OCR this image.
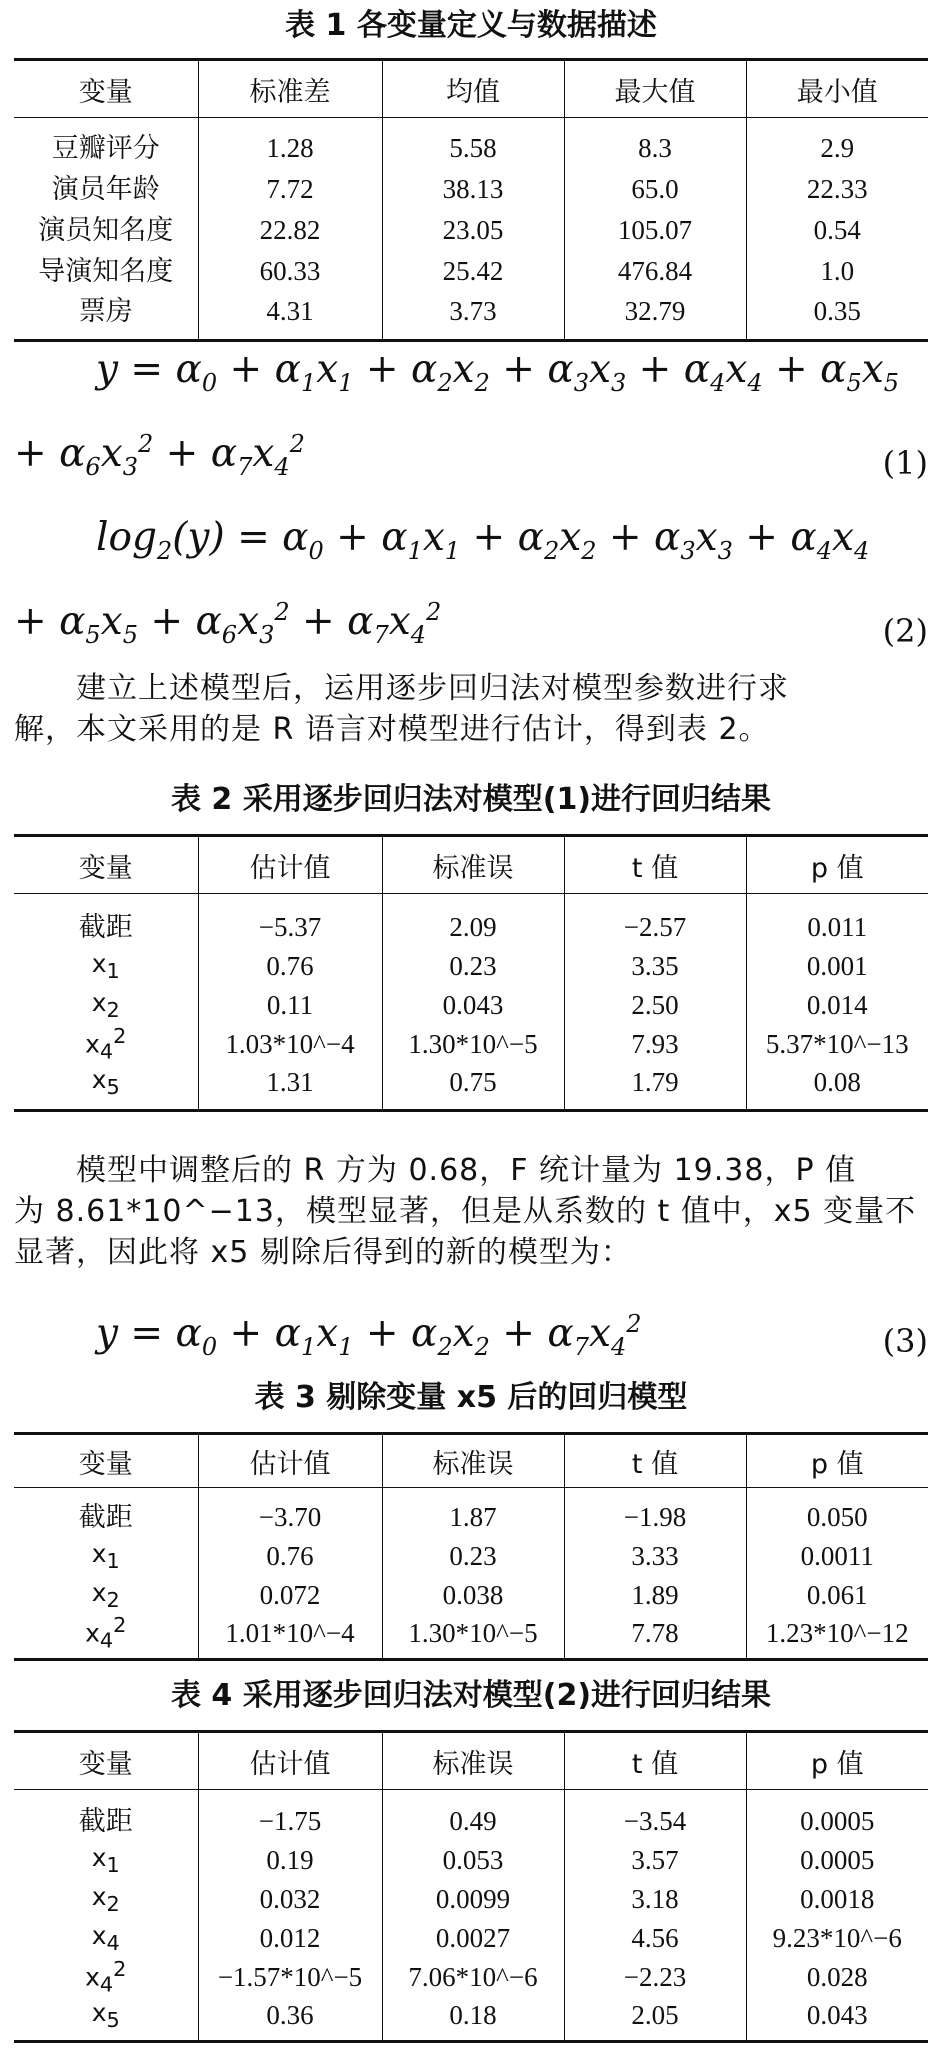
表 1 各变量定义与数据描述
变量	标准差	均值	最大值	最小值
豆瓣评分	1.28	5.58	8.3	2.9
演员年龄	7.72	38.13	65.0	22.33
演员知名度	22.82	23.05	105.07	0.54
导演知名度	60.33	25.42	476.84	1.0
票房	4.31	3.73	32.79	0.35
$y = \alpha_0 + \alpha_1x_1 + \alpha_2x_2 + \alpha_3x_3 + \alpha_4x_4 + \alpha_5x_5$
+ $\alpha_6x_3^2 + \alpha_7x_4^2$	(1)
$\log_2(y) = \alpha_0 + \alpha_1x_1 + \alpha_2x_2 + \alpha_3x_3 + \alpha_4x_4$
+ $\alpha_5x_5 + \alpha_6x_3^2 + \alpha_7x_4^2$	(2)

建立上述模型后，运用逐步回归法对模型参数进行求

解，本文采用的是 R 语言对模型进行估计，得到表 2。

表 2 采用逐步回归法对模型(1)进行回归结果
变量	估计值	标准误	t 值	p 值
截距	−5.37	2.09	−2.57	0.011
$x_1$	0.76	0.23	3.35	0.001
$x_2$	0.11	0.043	2.50	0.014
$x_4^2$	1.03*10^−4	1.30*10^−5	7.93	5.37*10^−13
$x_5$	1.31	0.75	1.79	0.08

模型中调整后的 R 方为 0.68，F 统计量为 19.38，P 值

为 8.61*10^−13，模型显著，但是从系数的 t 值中，x5 变量不

显著，因此将 x5 剔除后得到的新的模型为：

$y = \alpha_0 + \alpha_1x_1 + \alpha_2x_2 + \alpha_7x_4^2$	(3)
表 3 剔除变量 x5 后的回归模型
变量	估计值	标准误	t 值	p 值
截距	−3.70	1.87	−1.98	0.050
$x_1$	0.76	0.23	3.33	0.0011
$x_2$	0.072	0.038	1.89	0.061
$x_4^2$	1.01*10^−4	1.30*10^−5	7.78	1.23*10^−12
表 4 采用逐步回归法对模型(2)进行回归结果
变量	估计值	标准误	t 值	p 值
截距	−1.75	0.49	−3.54	0.0005
$x_1$	0.19	0.053	3.57	0.0005
$x_2$	0.032	0.0099	3.18	0.0018
$x_4$	0.012	0.0027	4.56	9.23*10^−6
$x_4^2$	−1.57*10^−5	7.06*10^−6	−2.23	0.028
$x_5$	0.36	0.18	2.05	0.043
